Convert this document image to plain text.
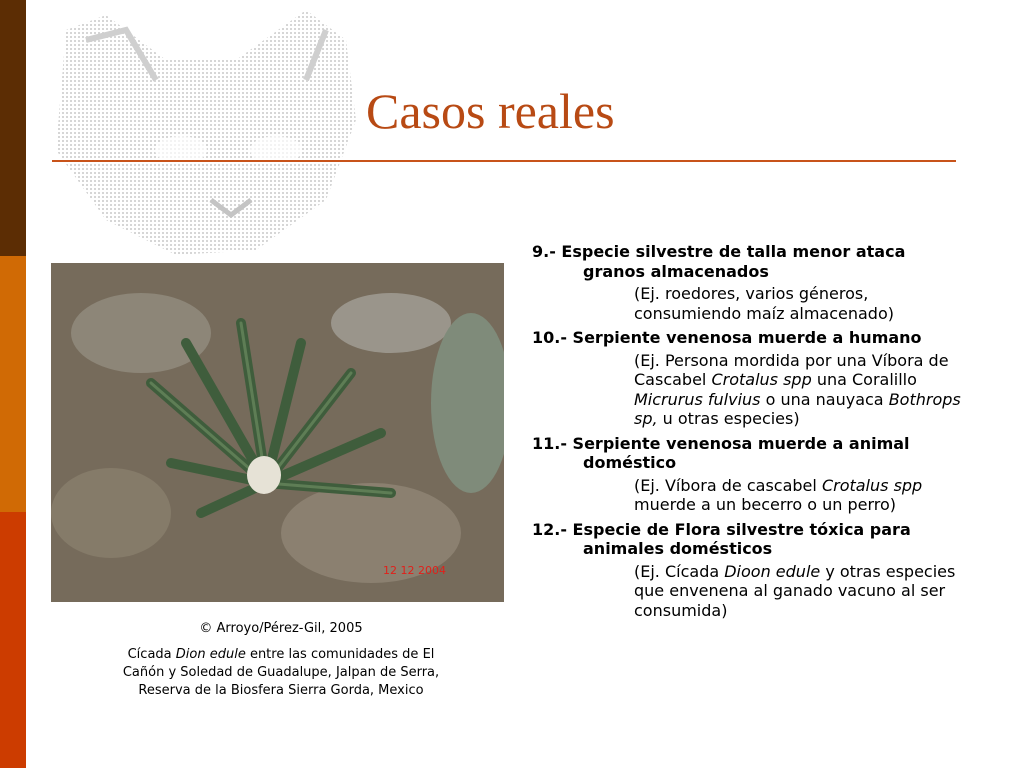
Casos reales
12 12 2004
© Arroyo/Pérez-Gil, 2005
Cícada Dion edule entre las comunidades de El Cañón y Soledad de Guadalupe, Jalpan de Serra, Reserva de la Biosfera Sierra Gorda, Mexico
9.- Especie silvestre de talla menor ataca granos almacenados
(Ej. roedores, varios géneros, consumiendo maíz almacenado)
10.- Serpiente venenosa muerde a humano
(Ej. Persona mordida por una Víbora de Cascabel Crotalus spp una Coralillo Micrurus fulvius o una nauyaca Bothrops sp, u otras especies)
11.- Serpiente venenosa muerde a animal doméstico
(Ej. Víbora de cascabel Crotalus spp muerde a un becerro o un perro)
12.- Especie de Flora silvestre tóxica para animales domésticos
(Ej. Cícada Dioon edule y otras especies que envenena al ganado vacuno al ser consumida)
